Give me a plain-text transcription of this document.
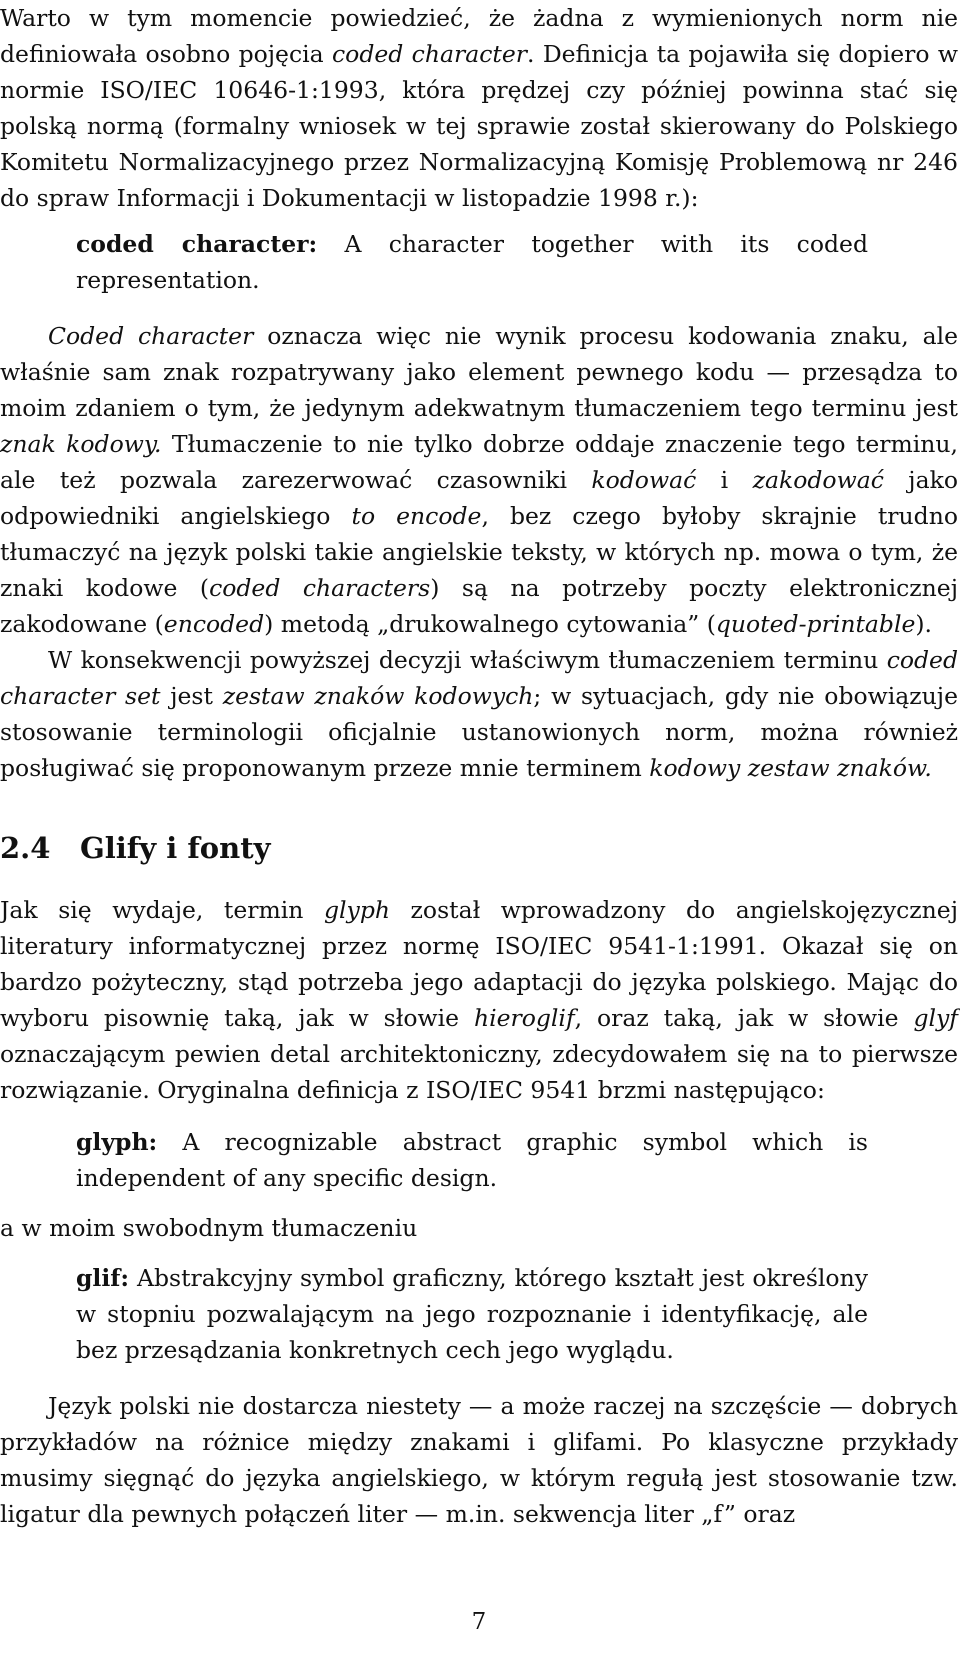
Warto w tym momencie powiedzieć, że żadna z wymienionych norm nie definiowała osobno pojęcia coded character. Definicja ta pojawiła się dopiero w normie ISO/IEC 10646-1:1993, która prędzej czy później powinna stać się polską normą (formalny wniosek w tej sprawie został skierowany do Polskiego Komitetu Normalizacyjnego przez Normalizacyjną Komisję Problemową nr 246 do spraw Informacji i Dokumentacji w listopadzie 1998 r.):

coded character: A character together with its coded representation.

Coded character oznacza więc nie wynik procesu kodowania znaku, ale właśnie sam znak rozpatrywany jako element pewnego kodu — przesądza to moim zdaniem o tym, że jedynym adekwatnym tłumaczeniem tego terminu jest znak kodowy. Tłumaczenie to nie tylko dobrze oddaje znaczenie tego terminu, ale też pozwala zarezerwować czasowniki kodować i zakodować jako odpowiedniki angielskiego to encode, bez czego byłoby skrajnie trudno tłumaczyć na język polski takie angielskie teksty, w których np. mowa o tym, że znaki kodowe (coded characters) są na potrzeby poczty elektronicznej zakodowane (encoded) metodą „drukowalnego cytowania” (quoted-printable).

W konsekwencji powyższej decyzji właściwym tłumaczeniem terminu coded character set jest zestaw znaków kodowych; w sytuacjach, gdy nie obowiązuje stosowanie terminologii oficjalnie ustanowionych norm, można również posługiwać się proponowanym przeze mnie terminem kodowy zestaw znaków.

2.4 Glify i fonty

Jak się wydaje, termin glyph został wprowadzony do angielskojęzycznej literatury informatycznej przez normę ISO/IEC 9541-1:1991. Okazał się on bardzo pożyteczny, stąd potrzeba jego adaptacji do języka polskiego. Mając do wyboru pisownię taką, jak w słowie hieroglif, oraz taką, jak w słowie glyf oznaczającym pewien detal architektoniczny, zdecydowałem się na to pierwsze rozwiązanie. Oryginalna definicja z ISO/IEC 9541 brzmi następująco:

glyph: A recognizable abstract graphic symbol which is independent of any specific design.

a w moim swobodnym tłumaczeniu

glif: Abstrakcyjny symbol graficzny, którego kształt jest określony w stopniu pozwalającym na jego rozpoznanie i identyfikację, ale bez przesądzania konkretnych cech jego wyglądu.

Język polski nie dostarcza niestety — a może raczej na szczęście — dobrych przykładów na różnice między znakami i glifami. Po klasyczne przykłady musimy sięgnąć do języka angielskiego, w którym regułą jest stosowanie tzw. ligatur dla pewnych połączeń liter — m.in. sekwencja liter „f” oraz

7
